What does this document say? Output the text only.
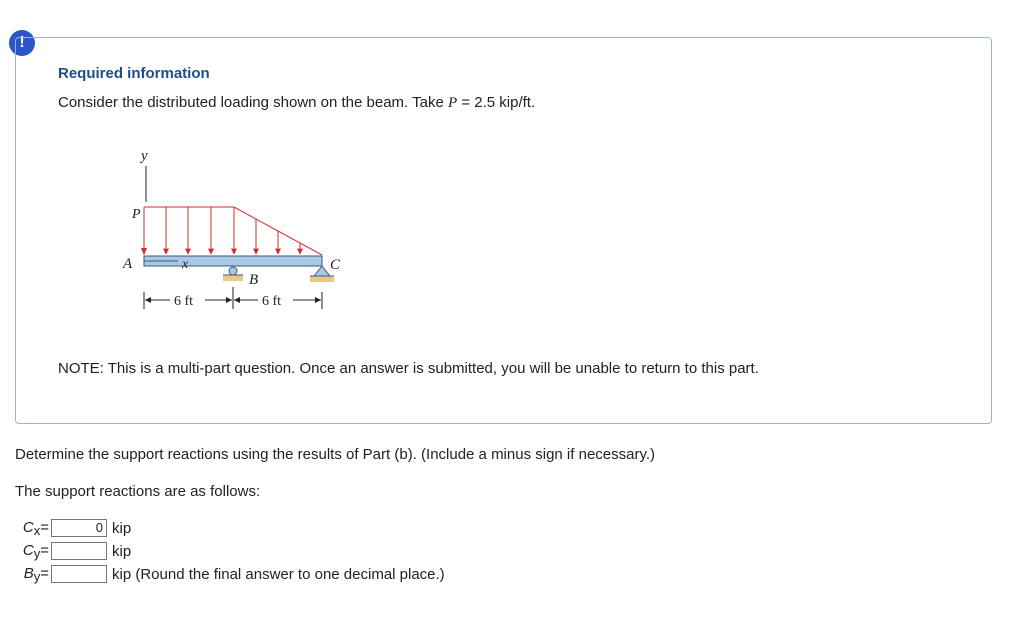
!
Required information
Consider the distributed loading shown on the beam. Take P = 2.5 kip/ft.
y
P
A	x
B
C
6 ft	6 ft
NOTE: This is a multi-part question. Once an answer is submitted, you will be unable to return to this part.
Determine the support reactions using the results of Part (b). (Include a minus sign if necessary.)
The support reactions are as follows:
$C_x=$	0 kip
$C_y=$	kip
$B_y=$	kip (Round the final answer to one decimal place.)
